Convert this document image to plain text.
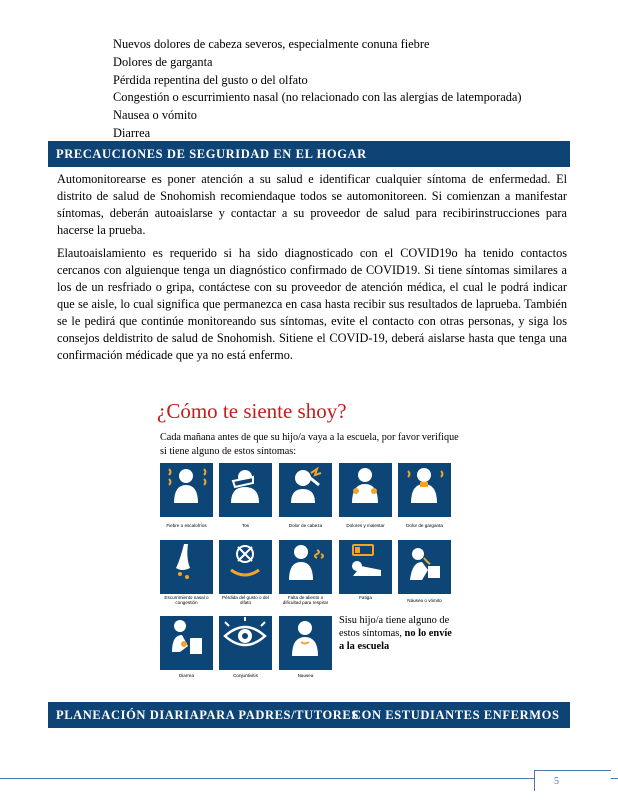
Nuevos dolores de cabeza severos, especialmente conuna fiebre
Dolores de garganta
Pérdida repentina del gusto o del olfato
Congestión o escurrimiento nasal (no relacionado con las alergias de latemporada)
Nausea o vómito
Diarrea
PRECAUCIONES DE SEGURIDAD EN EL HOGAR

Automonitorearse es poner atención a su salud e identificar cualquier síntoma de enfermedad. El distrito de salud de Snohomish recomiendaque todos se automonitoreen. Si comienzan a manifestar síntomas, deberán autoaislarse y contactar a su proveedor de salud para recibirinstrucciones para hacerse la prueba.

Elautoaislamiento es requerido si ha sido diagnosticado con el COVID19o ha tenido contactos cercanos con alguienque tenga un diagnóstico confirmado de COVID19. Si tiene síntomas similares a los de un resfriado o gripa, contáctese con su proveedor de atención médica, el cual le podrá indicar que se aisle, lo cual significa que permanezca en casa hasta recibir sus resultados de laprueba. También se le pedirá que continúe monitoreando sus síntomas, evite el contacto con otras personas, y siga los consejos deldistrito de salud de Snohomish. Sitiene el COVID-19, deberá aislarse hasta que tenga una confirmación médicade que ya no está enfermo.

¿Cómo te siente shoy?
Cada mañana antes de que su hijo/a vaya a la escuela, por favor verifique si tiene alguno de estos síntomas:
Fiebre o escalofríos	Tos	Dolor de cabeza	Dolores y malestar	Dolor de garganta
Escurrimiento nasal o congestión
Pérdida del gusto o del olfato
Falta de aliento o dificultad para respirar
Fatiga
Náusea o vómito
Diarrea	Conjuntivitis	Nausea
Sisu hijo/a tiene alguno de estos síntomas, no lo envíe a la escuela
PLANEACIÓN DIARIAPARA PADRES/TUTORES
CON ESTUDIANTES ENFERMOS
5
